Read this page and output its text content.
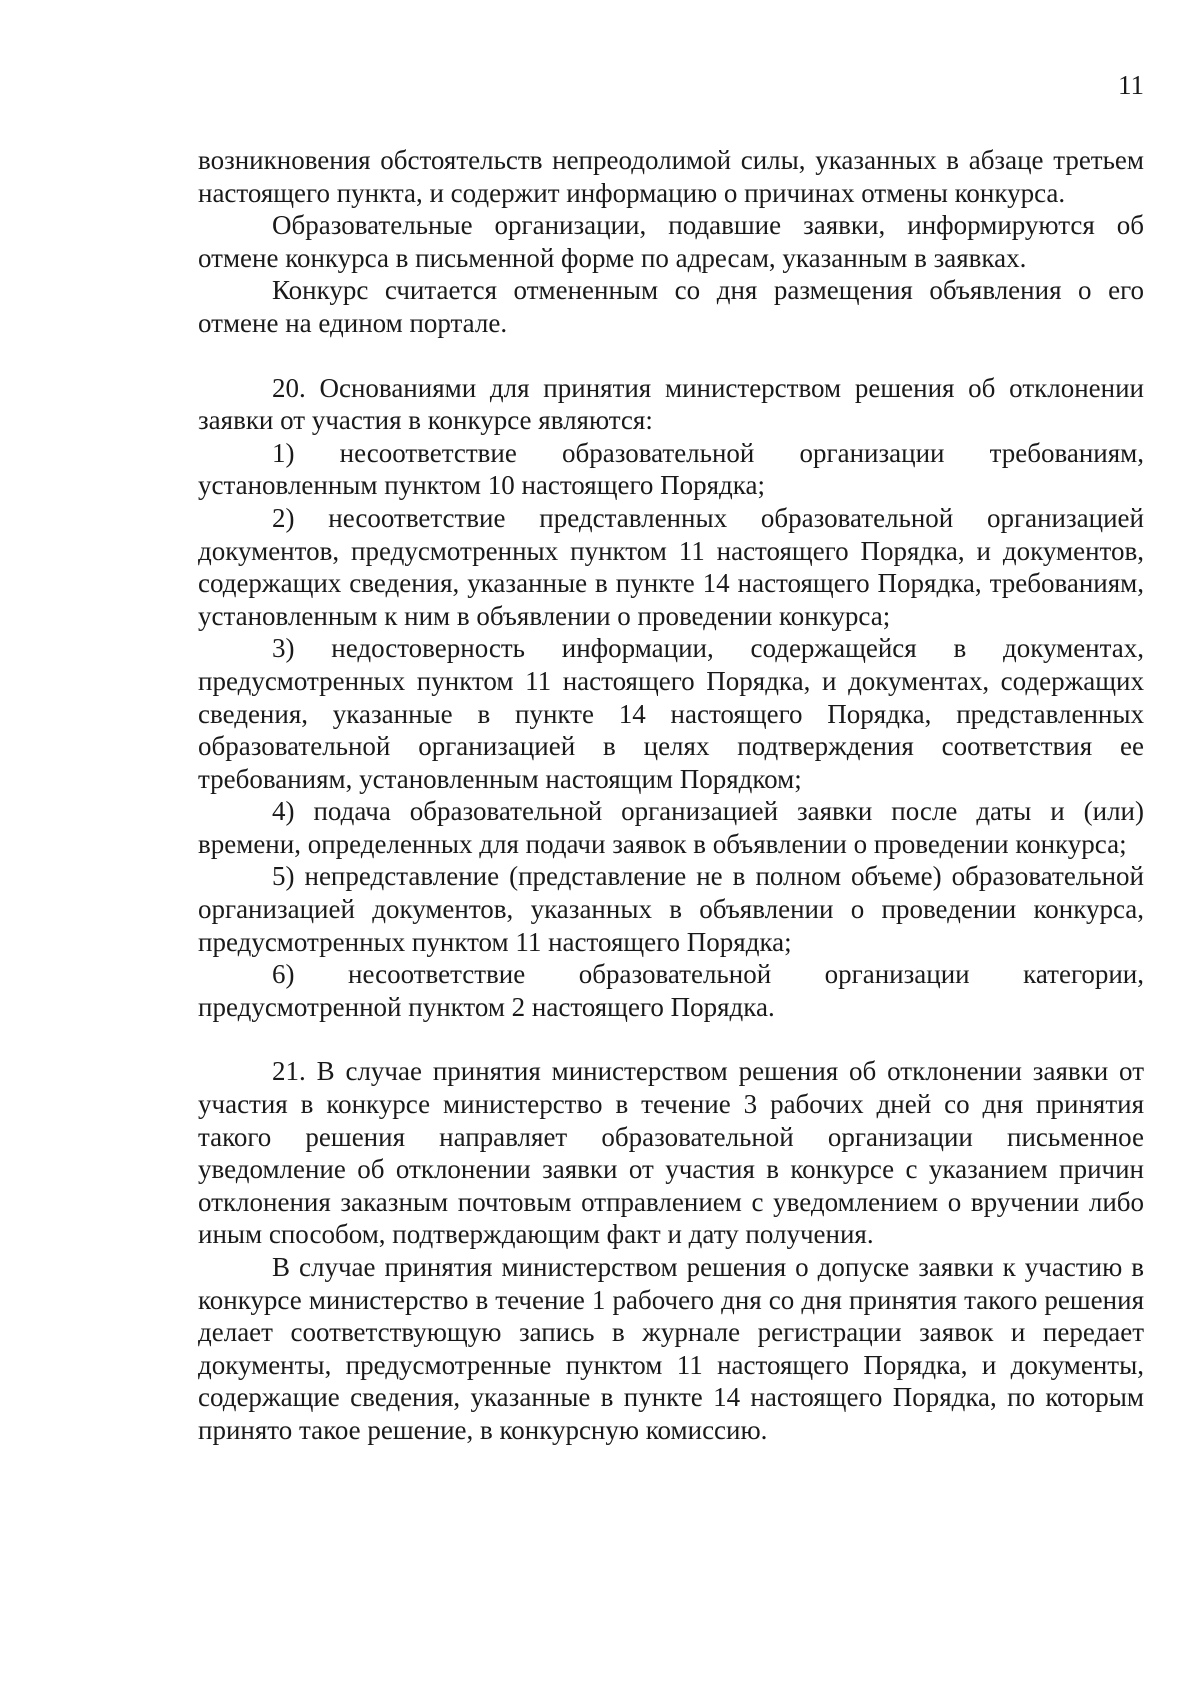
11

возникновения обстоятельств непреодолимой силы, указанных в абзаце третьем настоящего пункта, и содержит информацию о причинах отмены конкурса.

Образовательные организации, подавшие заявки, информируются об отмене конкурса в письменной форме по адресам, указанным в заявках.

Конкурс считается отмененным со дня размещения объявления о его отмене на едином портале.

20. Основаниями для принятия министерством решения об отклонении заявки от участия в конкурсе являются:

1) несоответствие образовательной организации требованиям, установленным пунктом 10 настоящего Порядка;

2) несоответствие представленных образовательной организацией документов, предусмотренных пунктом 11 настоящего Порядка, и документов, содержащих сведения, указанные в пункте 14 настоящего Порядка, требованиям, установленным к ним в объявлении о проведении конкурса;

3) недостоверность информации, содержащейся в документах, предусмотренных пунктом 11 настоящего Порядка, и документах, содержащих сведения, указанные в пункте 14 настоящего Порядка, представленных образовательной организацией в целях подтверждения соответствия ее требованиям, установленным настоящим Порядком;

4) подача образовательной организацией заявки после даты и (или) времени, определенных для подачи заявок в объявлении о проведении конкурса;

5) непредставление (представление не в полном объеме) образовательной организацией документов, указанных в объявлении о проведении конкурса, предусмотренных пунктом 11 настоящего Порядка;

6) несоответствие образовательной организации категории, предусмотренной пунктом 2 настоящего Порядка.

21. В случае принятия министерством решения об отклонении заявки от участия в конкурсе министерство в течение 3 рабочих дней со дня принятия такого решения направляет образовательной организации письменное уведомление об отклонении заявки от участия в конкурсе с указанием причин отклонения заказным почтовым отправлением с уведомлением о вручении либо иным способом, подтверждающим факт и дату получения.

В случае принятия министерством решения о допуске заявки к участию в конкурсе министерство в течение 1 рабочего дня со дня принятия такого решения делает соответствующую запись в журнале регистрации заявок и передает документы, предусмотренные пунктом 11 настоящего Порядка, и документы, содержащие сведения, указанные в пункте 14 настоящего Порядка, по которым принято такое решение, в конкурсную комиссию.
